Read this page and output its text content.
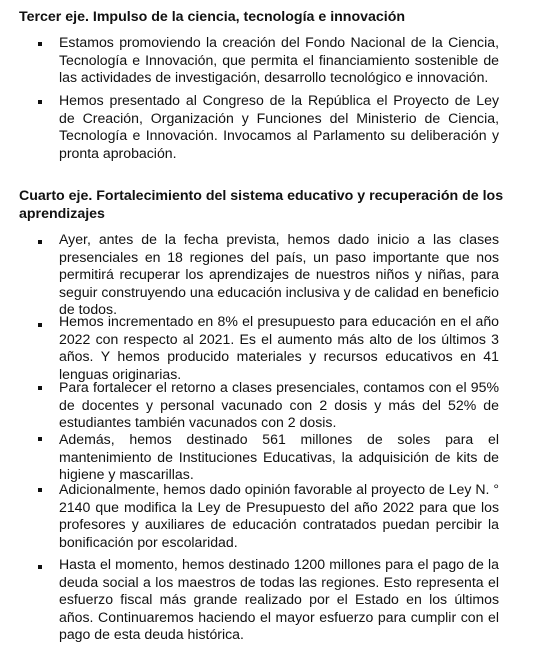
Tercer eje. Impulso de la ciencia, tecnología e innovación

Estamos promoviendo la creación del Fondo Nacional de la Ciencia, Tecnología e Innovación, que permita el financiamiento sostenible de las actividades de investigación, desarrollo tecnológico e innovación.

Hemos presentado al Congreso de la República el Proyecto de Ley de Creación, Organización y Funciones del Ministerio de Ciencia, Tecnología e Innovación. Invocamos al Parlamento su deliberación y pronta aprobación.

Cuarto eje. Fortalecimiento del sistema educativo y recuperación de los aprendizajes

Ayer, antes de la fecha prevista, hemos dado inicio a las clases presenciales en 18 regiones del país, un paso importante que nos permitirá recuperar los aprendizajes de nuestros niños y niñas, para seguir construyendo una educación inclusiva y de calidad en beneficio de todos.

Hemos incrementado en 8% el presupuesto para educación en el año 2022 con respecto al 2021. Es el aumento más alto de los últimos 3 años. Y hemos producido materiales y recursos educativos en 41 lenguas originarias.

Para fortalecer el retorno a clases presenciales, contamos con el 95% de docentes y personal vacunado con 2 dosis y más del 52% de estudiantes también vacunados con 2 dosis.

Además, hemos destinado 561 millones de soles para el mantenimiento de Instituciones Educativas, la adquisición de kits de higiene y mascarillas.

Adicionalmente, hemos dado opinión favorable al proyecto de Ley N. ° 2140 que modifica la Ley de Presupuesto del año 2022 para que los profesores y auxiliares de educación contratados puedan percibir la bonificación por escolaridad.

Hasta el momento, hemos destinado 1200 millones para el pago de la deuda social a los maestros de todas las regiones. Esto representa el esfuerzo fiscal más grande realizado por el Estado en los últimos años. Continuaremos haciendo el mayor esfuerzo para cumplir con el pago de esta deuda histórica.
